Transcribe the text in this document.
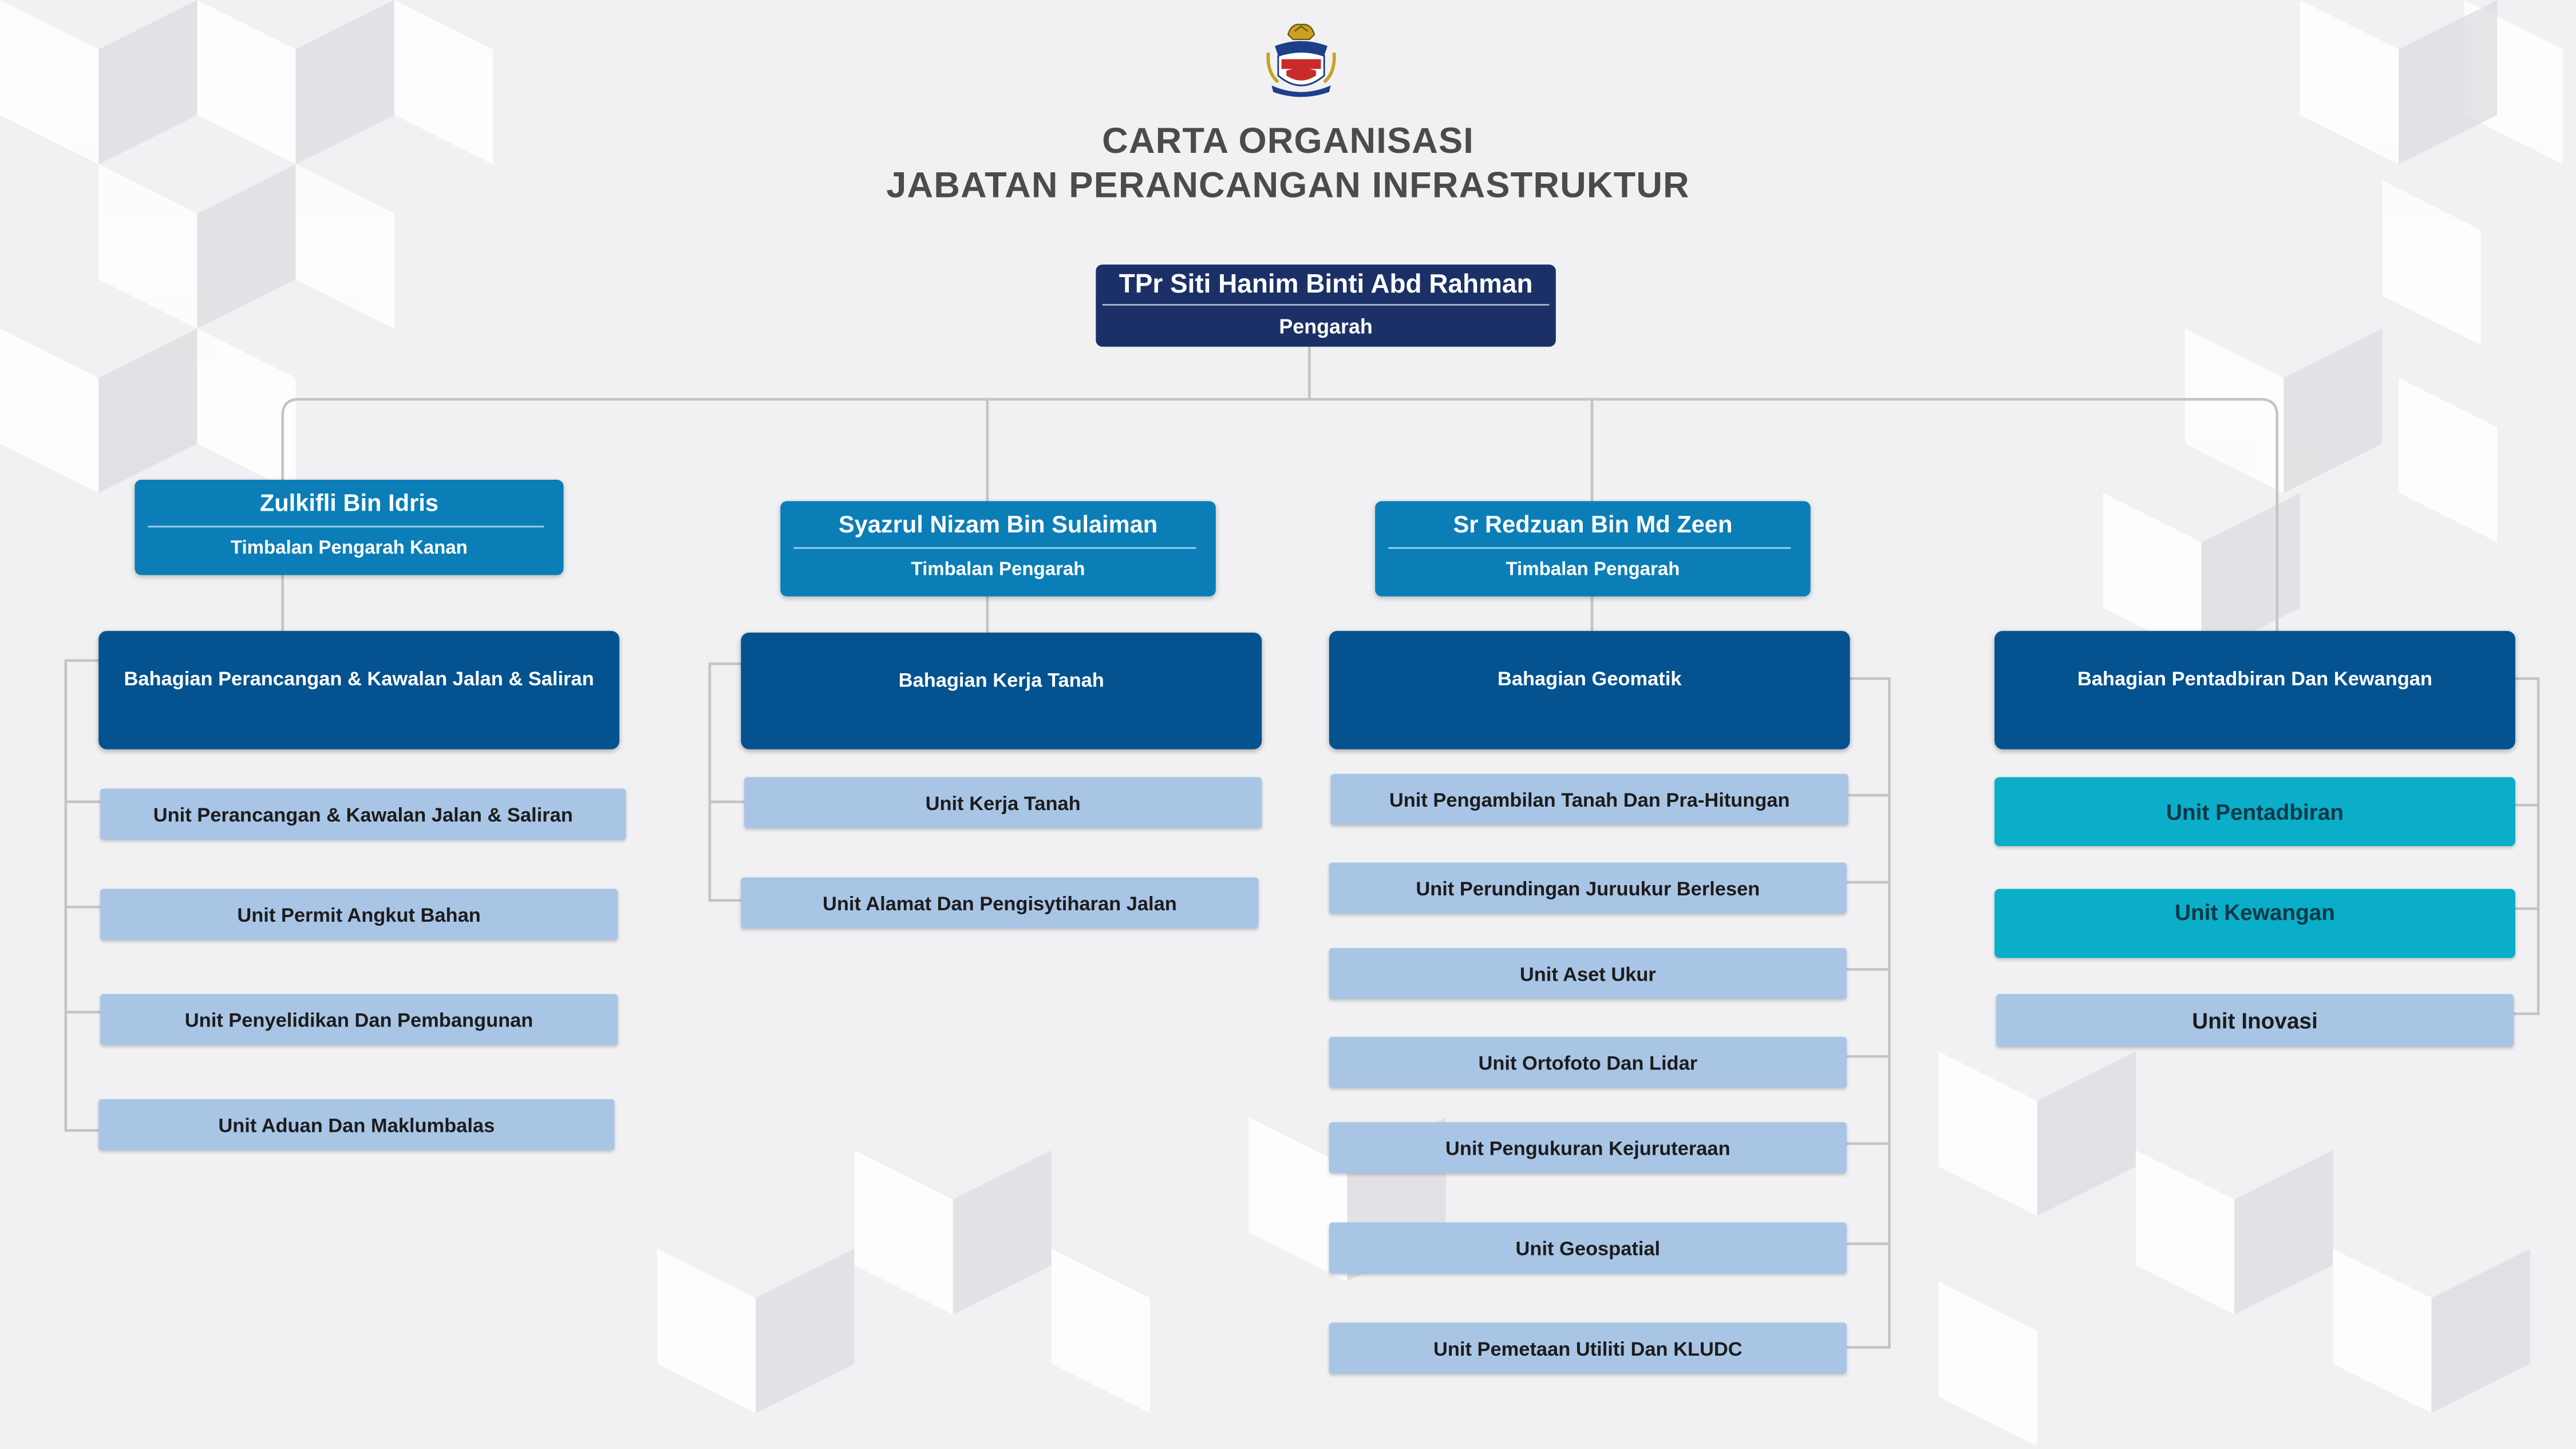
CARTA ORGANISASI
JABATAN PERANCANGAN INFRASTRUKTUR
TPr Siti Hanim Binti Abd Rahman
Pengarah
Zulkifli Bin Idris
Timbalan Pengarah Kanan
Syazrul Nizam Bin Sulaiman
Timbalan Pengarah
Sr Redzuan Bin Md Zeen
Timbalan Pengarah
Bahagian Perancangan & Kawalan Jalan & Saliran	Bahagian Kerja Tanah	Bahagian Geomatik	Bahagian Pentadbiran Dan Kewangan
Unit Perancangan & Kawalan Jalan & Saliran
Unit Permit Angkut Bahan
Unit Penyelidikan Dan Pembangunan
Unit Aduan Dan Maklumbalas
Unit Kerja Tanah
Unit Alamat Dan Pengisytiharan Jalan
Unit Pengambilan Tanah Dan Pra-Hitungan
Unit Perundingan Juruukur Berlesen
Unit Aset Ukur
Unit Ortofoto Dan Lidar
Unit Pengukuran Kejuruteraan
Unit Geospatial
Unit Pemetaan Utiliti Dan KLUDC
Unit Pentadbiran
Unit Kewangan
Unit Inovasi
